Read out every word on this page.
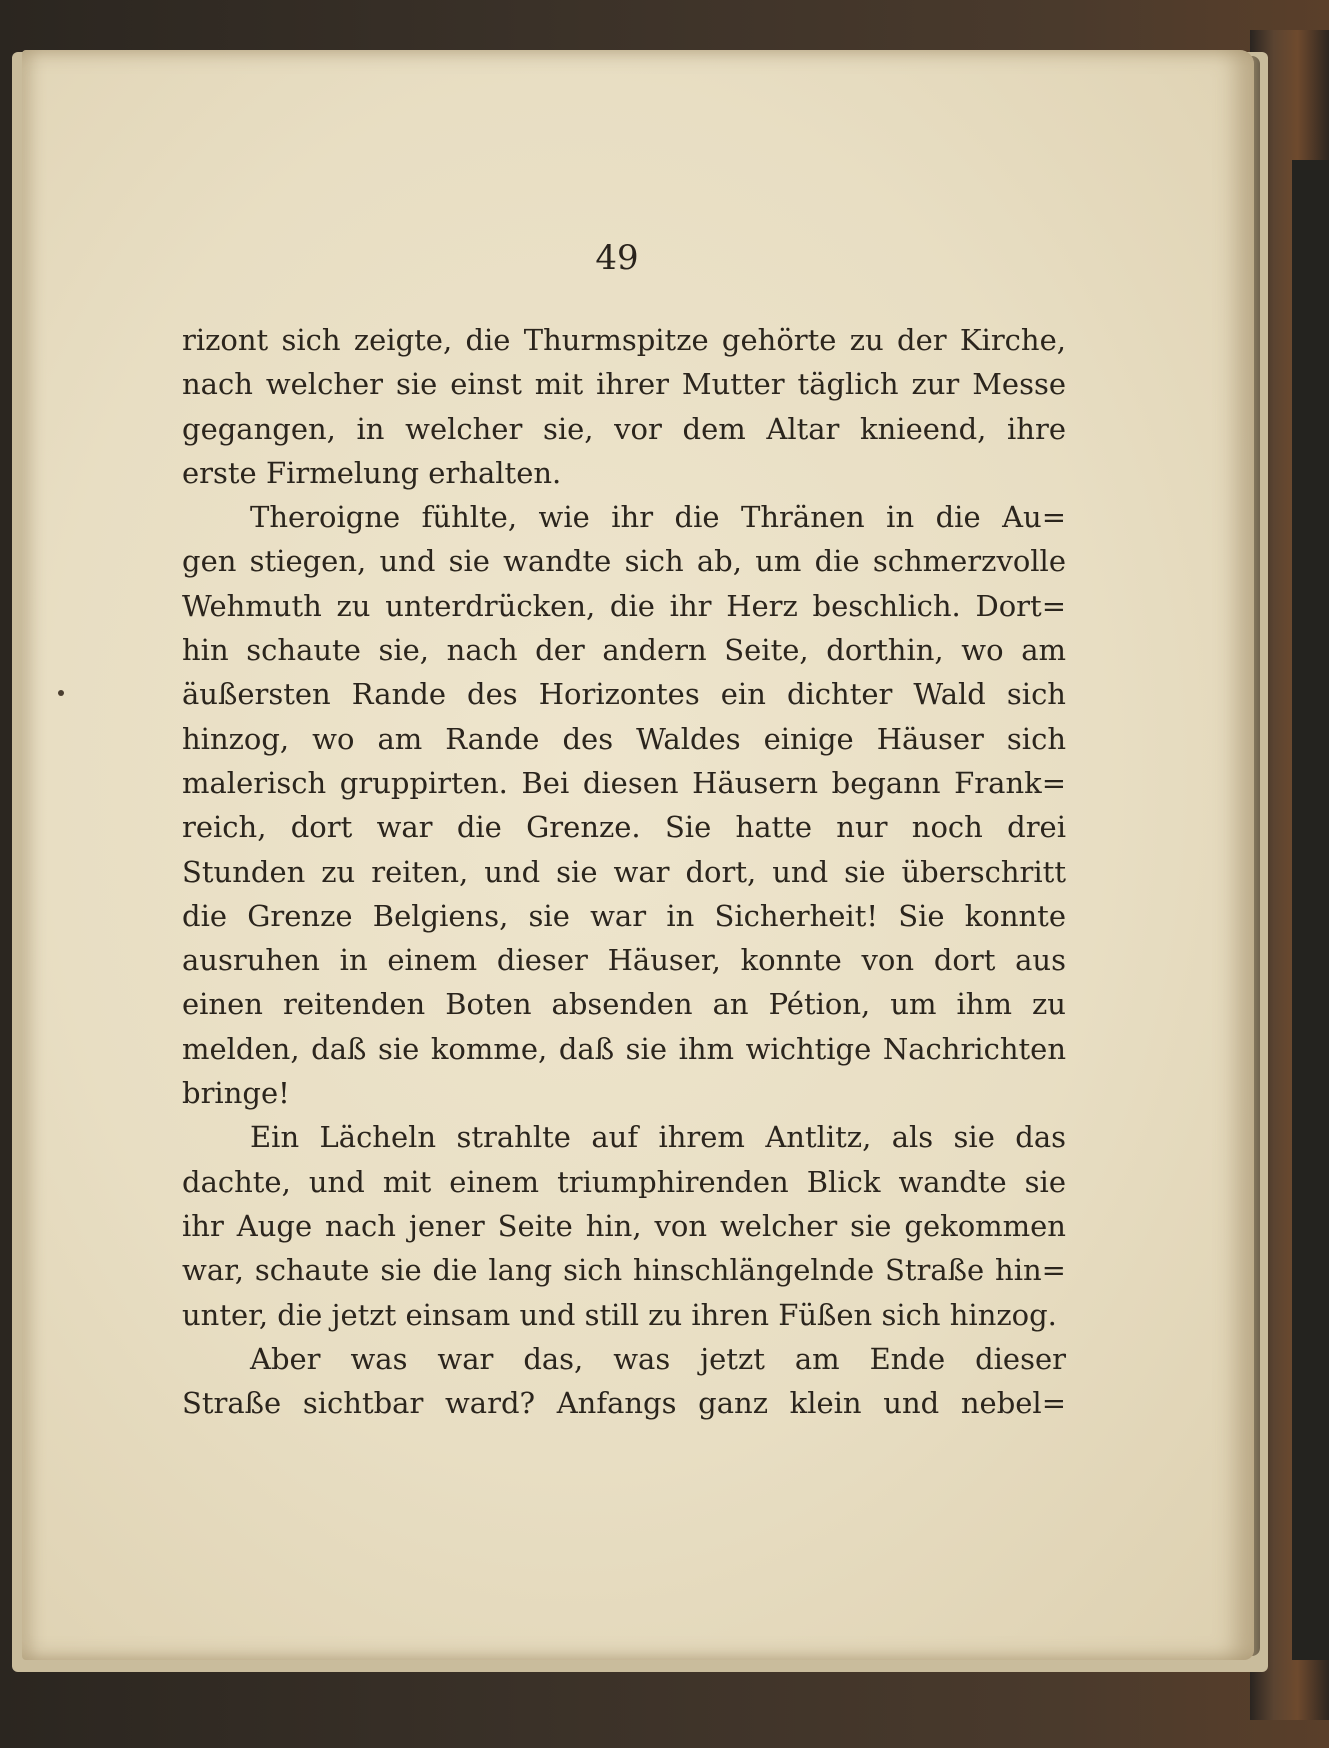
49
rizont sich zeigte, die Thurmspitze gehörte zu der Kirche,
nach welcher sie einst mit ihrer Mutter täglich zur Messe
gegangen, in welcher sie, vor dem Altar knieend, ihre
erste Firmelung erhalten.
Theroigne fühlte, wie ihr die Thränen in die Au=
gen stiegen, und sie wandte sich ab, um die schmerzvolle
Wehmuth zu unterdrücken, die ihr Herz beschlich. Dort=
hin schaute sie, nach der andern Seite, dorthin, wo am
äußersten Rande des Horizontes ein dichter Wald sich
hinzog, wo am Rande des Waldes einige Häuser sich
malerisch gruppirten. Bei diesen Häusern begann Frank=
reich, dort war die Grenze. Sie hatte nur noch drei
Stunden zu reiten, und sie war dort, und sie überschritt
die Grenze Belgiens, sie war in Sicherheit! Sie konnte
ausruhen in einem dieser Häuser, konnte von dort aus
einen reitenden Boten absenden an Pétion, um ihm zu
melden, daß sie komme, daß sie ihm wichtige Nachrichten
bringe!
Ein Lächeln strahlte auf ihrem Antlitz, als sie das
dachte, und mit einem triumphirenden Blick wandte sie
ihr Auge nach jener Seite hin, von welcher sie gekommen
war, schaute sie die lang sich hinschlängelnde Straße hin=
unter, die jetzt einsam und still zu ihren Füßen sich hinzog.
Aber was war das, was jetzt am Ende dieser
Straße sichtbar ward? Anfangs ganz klein und nebel=
